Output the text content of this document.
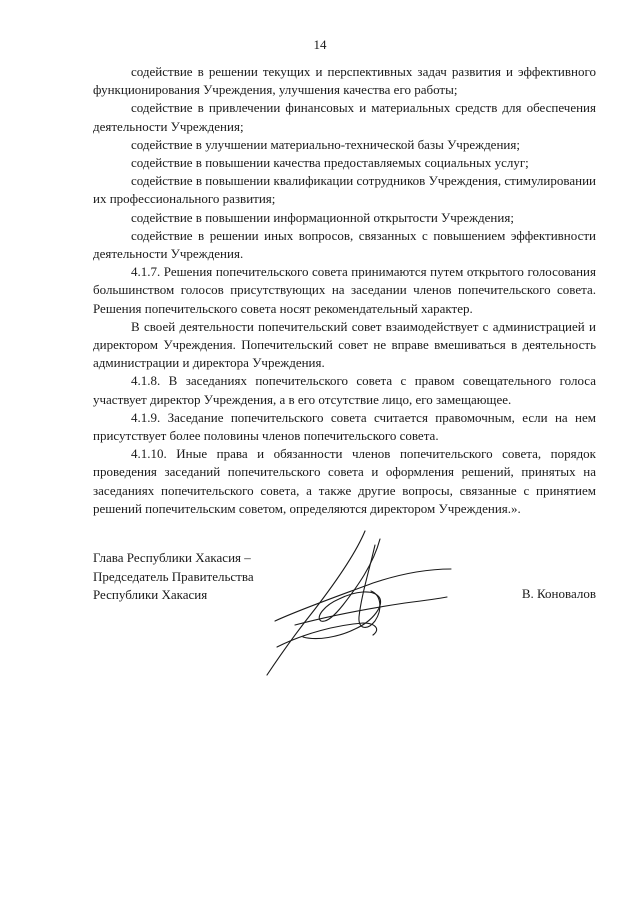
14

содействие в решении текущих и перспективных задач развития и эффективного функционирования Учреждения, улучшения качества его работы;

содействие в привлечении финансовых и материальных средств для обеспечения деятельности Учреждения;

содействие в улучшении материально-технической базы Учреждения;

содействие в повышении качества предоставляемых социальных услуг;

содействие в повышении квалификации сотрудников Учреждения, стимулировании их профессионального развития;

содействие в повышении информационной открытости Учреждения;

содействие в решении иных вопросов, связанных с повышением эффективности деятельности Учреждения.

4.1.7. Решения попечительского совета принимаются путем открытого голосования большинством голосов присутствующих на заседании членов попечительского совета. Решения попечительского совета носят рекомендательный характер.

В своей деятельности попечительский совет взаимодействует с администрацией и директором Учреждения. Попечительский совет не вправе вмешиваться в деятельность администрации и директора Учреждения.

4.1.8. В заседаниях попечительского совета с правом совещательного голоса участвует директор Учреждения, а в его отсутствие лицо, его замещающее.

4.1.9. Заседание попечительского совета считается правомочным, если на нем присутствует более половины членов попечительского совета.

4.1.10. Иные права и обязанности членов попечительского совета, порядок проведения заседаний попечительского совета и оформления решений, принятых на заседаниях попечительского совета, а также другие вопросы, связанные с принятием решений попечительским советом, определяются директором Учреждения.».

Глава Республики Хакасия –
Председатель Правительства
Республики Хакасия	В. Коновалов
